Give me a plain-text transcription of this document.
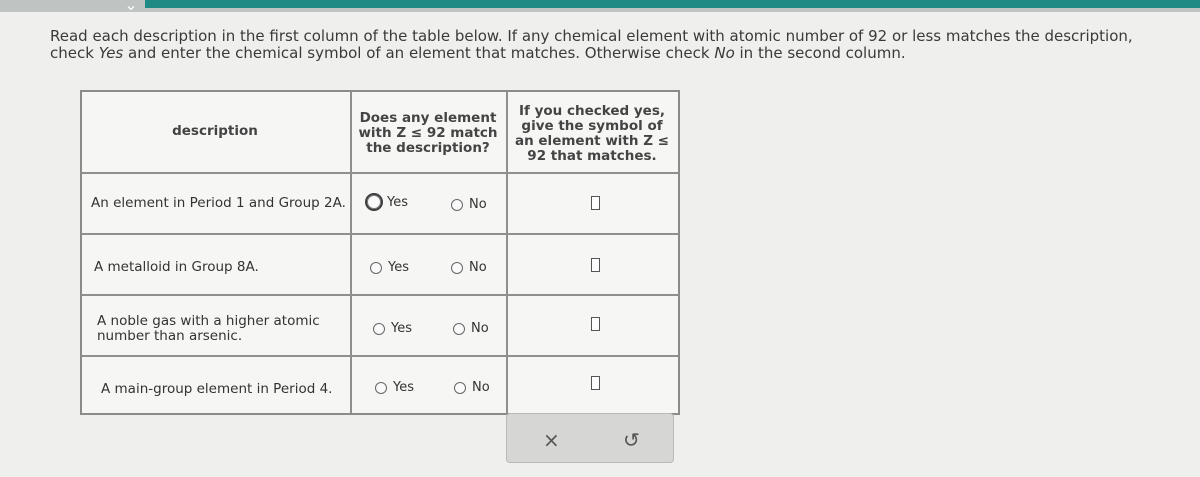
⌄
Read each description in the first column of the table below. If any chemical element with atomic number of 92 or less matches the description, check Yes and enter the chemical symbol of an element that matches. Otherwise check No in the second column.
description
Does any element with Z ≤ 92 match the description?
If you checked yes, give the symbol of an element with Z ≤ 92 that matches.
An element in Period 1 and Group 2A.	Yes	No
A metalloid in Group 8A.	Yes	No
A noble gas with a higher atomic number than arsenic.	Yes	No
A main-group element in Period 4.	Yes	No
×	↺
